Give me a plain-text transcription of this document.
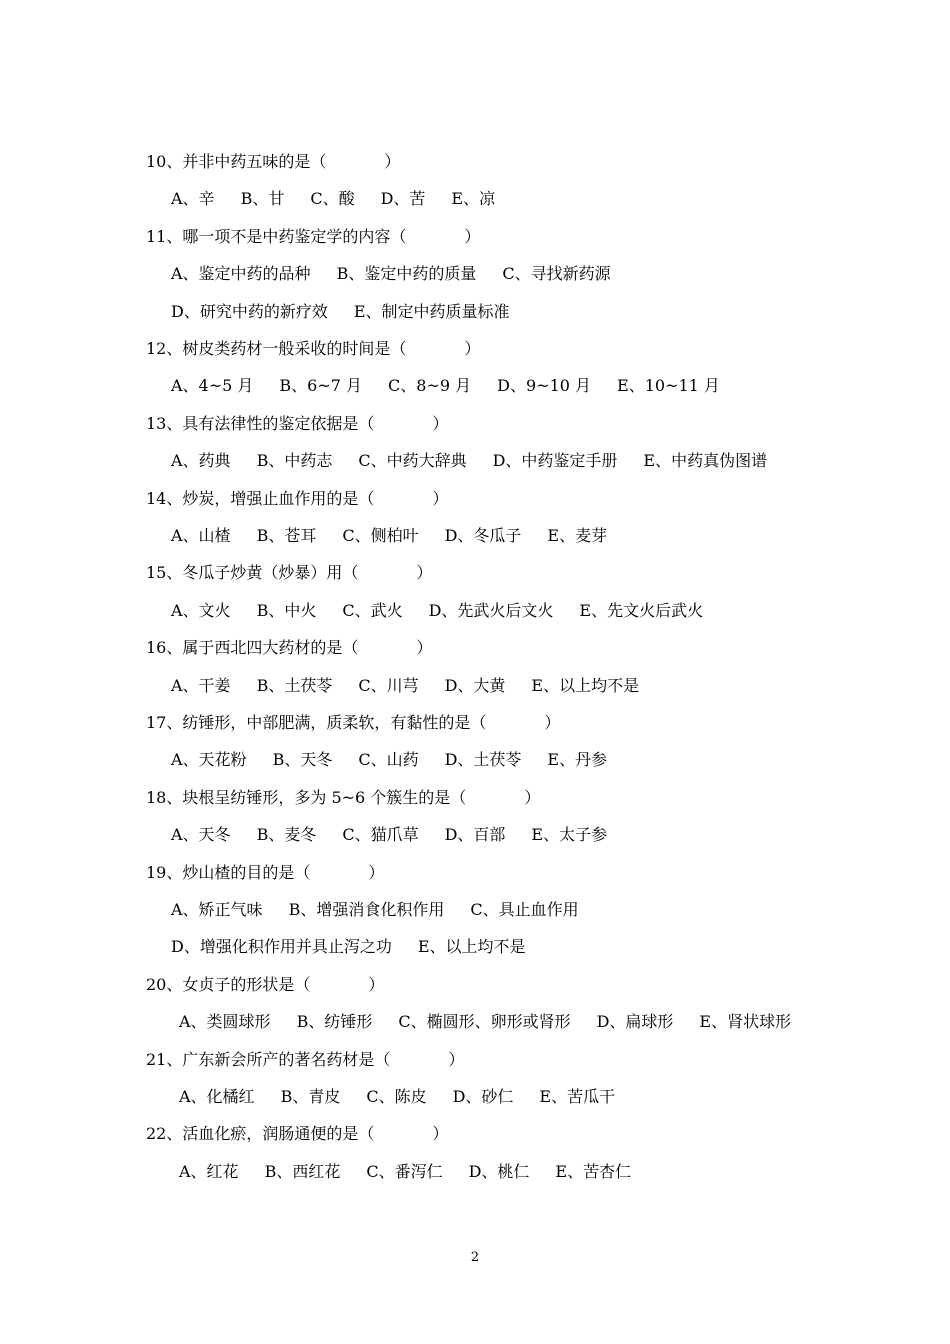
10、并非中药五味的是（	）
A、辛 B、甘 C、酸 D、苦 E、凉
11、哪一项不是中药鉴定学的内容（	）
A、鉴定中药的品种 B、鉴定中药的质量 C、寻找新药源
D、研究中药的新疗效 E、制定中药质量标准
12、树皮类药材一般采收的时间是（	）
A、4~5 月 B、6~7 月 C、8~9 月 D、9~10 月 E、10~11 月
13、具有法律性的鉴定依据是（	）
A、药典 B、中药志 C、中药大辞典 D、中药鉴定手册 E、中药真伪图谱
14、炒炭，增强止血作用的是（	）
A、山楂 B、苍耳 C、侧柏叶 D、冬瓜子 E、麦芽
15、冬瓜子炒黄（炒暴）用（	）
A、文火 B、中火 C、武火 D、先武火后文火 E、先文火后武火
16、属于西北四大药材的是（	）
A、干姜 B、土茯苓 C、川芎 D、大黄 E、以上均不是
17、纺锤形，中部肥满，质柔软，有黏性的是（	）
A、天花粉 B、天冬 C、山药 D、土茯苓 E、丹参
18、块根呈纺锤形，多为 5~6 个簇生的是（	）
A、天冬 B、麦冬 C、猫爪草 D、百部 E、太子参
19、炒山楂的目的是（	）
A、矫正气味 B、增强消食化积作用 C、具止血作用
D、增强化积作用并具止泻之功 E、以上均不是
20、女贞子的形状是（	）
A、类圆球形 B、纺锤形 C、椭圆形、卵形或肾形 D、扁球形 E、肾状球形
21、广东新会所产的著名药材是（	）
A、化橘红 B、青皮 C、陈皮 D、砂仁 E、苦瓜干
22、活血化瘀，润肠通便的是（	）
A、红花 B、西红花 C、番泻仁 D、桃仁 E、苦杏仁
2
